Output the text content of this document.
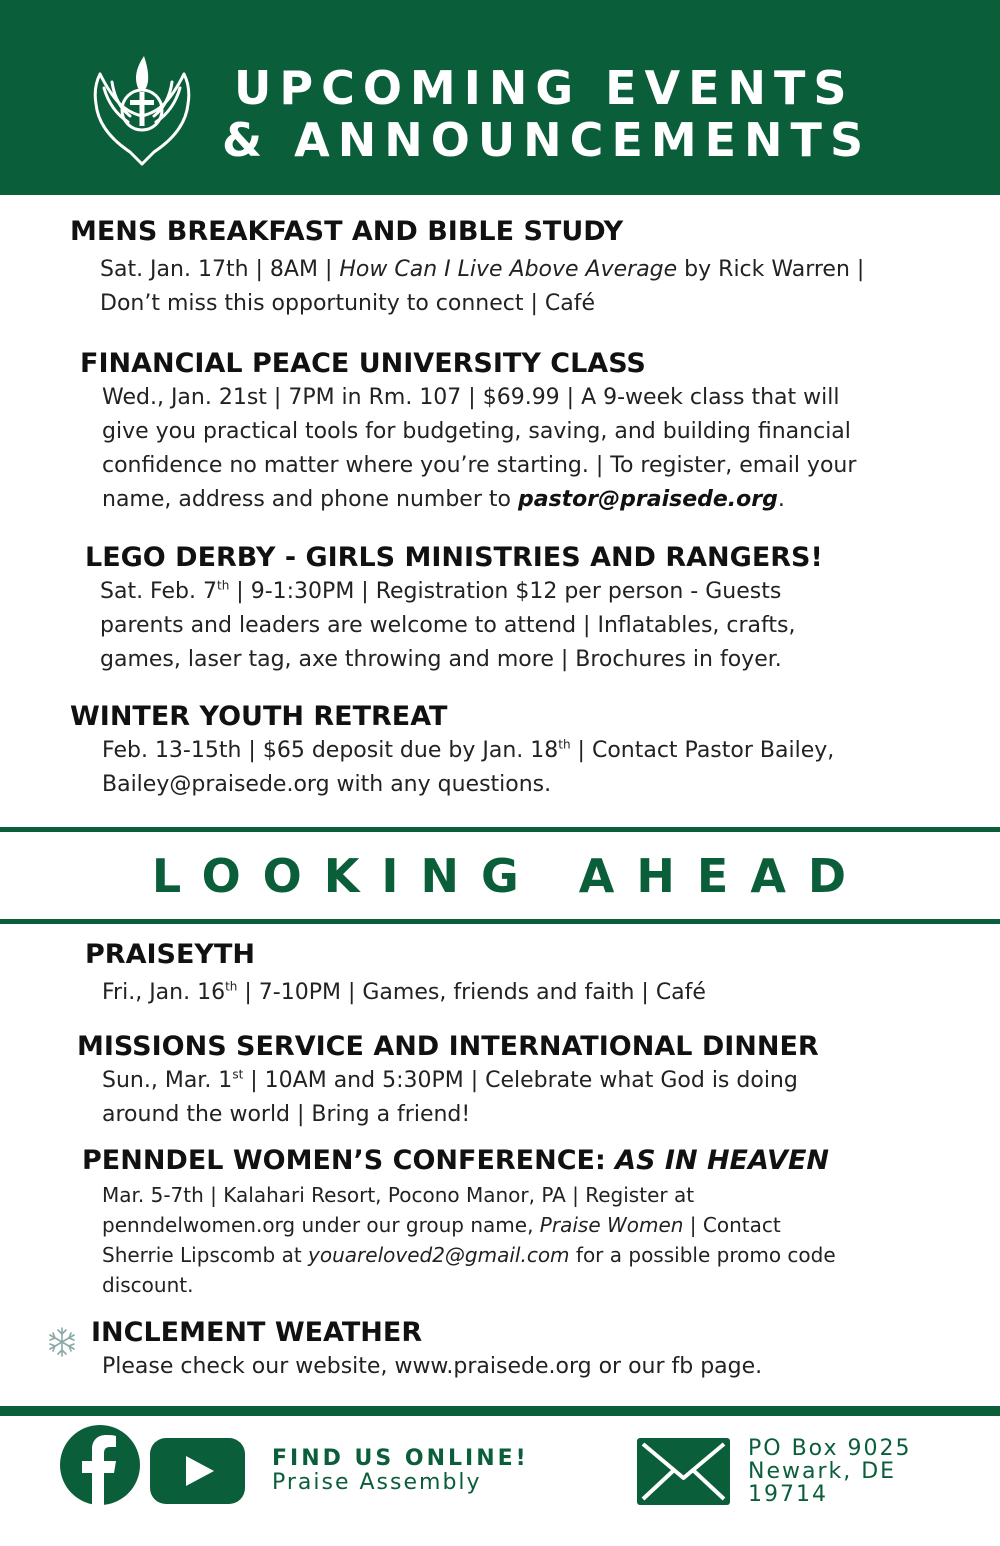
UPCOMING EVENTS
& ANNOUNCEMENTS
MENS BREAKFAST AND BIBLE STUDY
Sat. Jan. 17th | 8AM | How Can I Live Above Average by Rick Warren |
Don’t miss this opportunity to connect | Café
FINANCIAL PEACE UNIVERSITY CLASS
Wed., Jan. 21st | 7PM in Rm. 107 | $69.99 | A 9-week class that will
give you practical tools for budgeting, saving, and building financial
confidence no matter where you’re starting. | To register, email your
name, address and phone number to pastor@praisede.org.
LEGO DERBY - GIRLS MINISTRIES AND RANGERS!
Sat. Feb. 7th | 9-1:30PM | Registration $12 per person - Guests
parents and leaders are welcome to attend | Inflatables, crafts,
games, laser tag, axe throwing and more | Brochures in foyer.
WINTER YOUTH RETREAT
Feb. 13-15th | $65 deposit due by Jan. 18th | Contact Pastor Bailey,
Bailey@praisede.org with any questions.
LOOKING AHEAD
PRAISEYTH
Fri., Jan. 16th | 7-10PM | Games, friends and faith | Café
MISSIONS SERVICE AND INTERNATIONAL DINNER
Sun., Mar. 1st | 10AM and 5:30PM | Celebrate what God is doing
around the world | Bring a friend!
PENNDEL WOMEN’S CONFERENCE: AS IN HEAVEN
Mar. 5-7th | Kalahari Resort, Pocono Manor, PA | Register at
penndelwomen.org under our group name, Praise Women | Contact
Sherrie Lipscomb at youareloved2@gmail.com for a possible promo code
discount.
INCLEMENT WEATHER
Please check our website, www.praisede.org or our fb page.
FIND US ONLINE!
Praise Assembly
PO Box 9025
Newark, DE
19714
